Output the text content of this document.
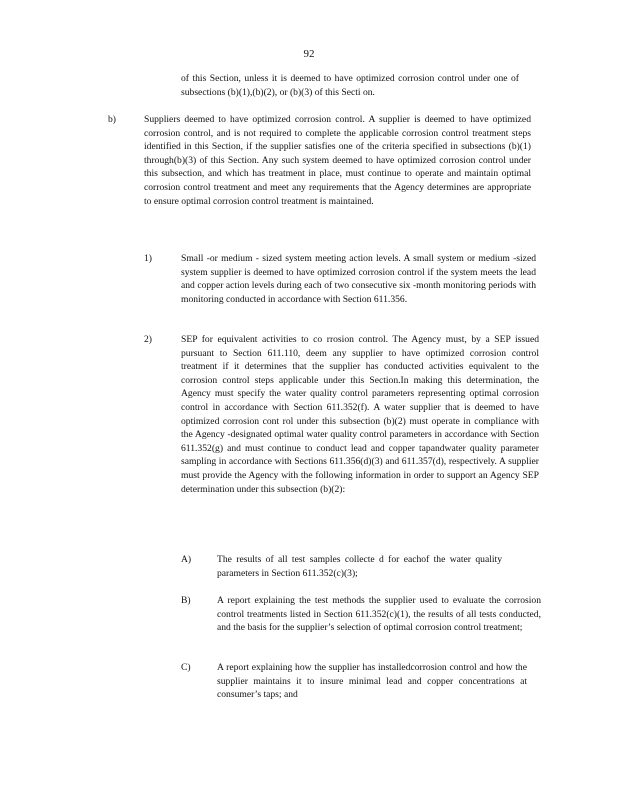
92
of this Section, unless it is deemed to have optimized corrosion control under one of subsections (b)(1),(b)(2), or (b)(3) of this Secti on.
b)	Suppliers deemed to have optimized corrosion control. A supplier is deemed to have optimized corrosion control, and is not required to complete the applicable corrosion control treatment steps identified in this Section, if the supplier satisfies one of the criteria specified in subsections (b)(1) through(b)(3) of this Section. Any such system deemed to have optimized corrosion control under this subsection, and which has treatment in place, must continue to operate and maintain optimal corrosion control treatment and meet any requirements that the Agency determines are appropriate to ensure optimal corrosion control treatment is maintained.
1)	Small -or medium - sized system meeting action levels. A small system or medium -sized system supplier is deemed to have optimized corrosion control if the system meets the lead and copper action levels during each of two consecutive six -month monitoring periods with monitoring conducted in accordance with Section 611.356.
2)	SEP for equivalent activities to co rrosion control. The Agency must, by a SEP issued pursuant to Section 611.110, deem any supplier to have optimized corrosion control treatment if it determines that the supplier has conducted activities equivalent to the corrosion control steps applicable under this Section.In making this determination, the Agency must specify the water quality control parameters representing optimal corrosion control in accordance with Section 611.352(f). A water supplier that is deemed to have optimized corrosion cont rol under this subsection (b)(2) must operate in compliance with the Agency -designated optimal water quality control parameters in accordance with Section 611.352(g) and must continue to conduct lead and copper tapandwater quality parameter sampling in accordance with Sections 611.356(d)(3) and 611.357(d), respectively. A supplier must provide the Agency with the following information in order to support an Agency SEP determination under this subsection (b)(2):
A)	The results of all test samples collecte d for eachof the water quality parameters in Section 611.352(c)(3);
B)	A report explaining the test methods the supplier used to evaluate the corrosion control treatments listed in Section 611.352(c)(1), the results of all tests conducted, and the basis for the supplier’s selection of optimal corrosion control treatment;
C)	A report explaining how the supplier has installedcorrosion control and how the supplier maintains it to insure minimal lead and copper concentrations at consumer’s taps; and
